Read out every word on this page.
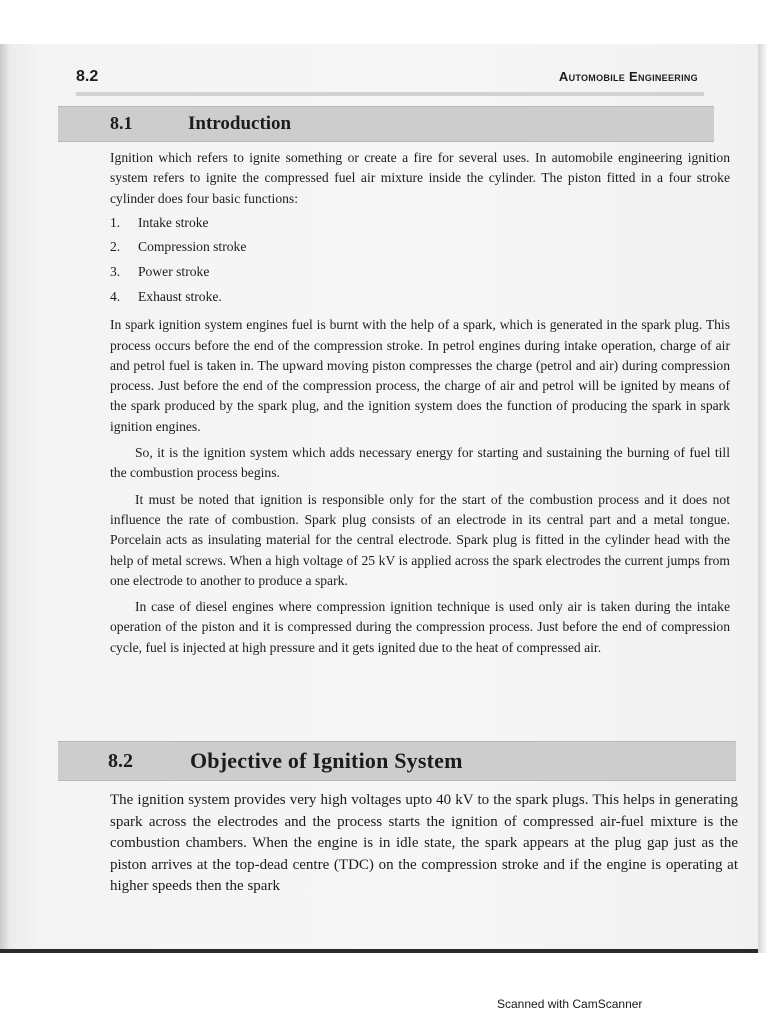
8.2	Automobile Engineering
8.1	Introduction

Ignition which refers to ignite something or create a fire for several uses. In automobile engineering ignition system refers to ignite the compressed fuel air mixture inside the cylinder. The piston fitted in a four stroke cylinder does four basic functions:

1. Intake stroke
2. Compression stroke
3. Power stroke
4. Exhaust stroke.

In spark ignition system engines fuel is burnt with the help of a spark, which is generated in the spark plug. This process occurs before the end of the compression stroke. In petrol engines during intake operation, charge of air and petrol fuel is taken in. The upward moving piston compresses the charge (petrol and air) during compression process. Just before the end of the compression process, the charge of air and petrol will be ignited by means of the spark produced by the spark plug, and the ignition system does the function of producing the spark in spark ignition engines.

So, it is the ignition system which adds necessary energy for starting and sustaining the burning of fuel till the combustion process begins.

It must be noted that ignition is responsible only for the start of the combustion process and it does not influence the rate of combustion. Spark plug consists of an electrode in its central part and a metal tongue. Porcelain acts as insulating material for the central electrode. Spark plug is fitted in the cylinder head with the help of metal screws. When a high voltage of 25 kV is applied across the spark electrodes the current jumps from one electrode to another to produce a spark.

In case of diesel engines where compression ignition technique is used only air is taken during the intake operation of the piston and it is compressed during the compression process. Just before the end of compression cycle, fuel is injected at high pressure and it gets ignited due to the heat of compressed air.

8.2	Objective of Ignition System

The ignition system provides very high voltages upto 40 kV to the spark plugs. This helps in generating spark across the electrodes and the process starts the ignition of compressed air-fuel mixture is the combustion chambers. When the engine is in idle state, the spark appears at the plug gap just as the piston arrives at the top-dead centre (TDC) on the compression stroke and if the engine is operating at higher speeds then the spark

Scanned with CamScanner
